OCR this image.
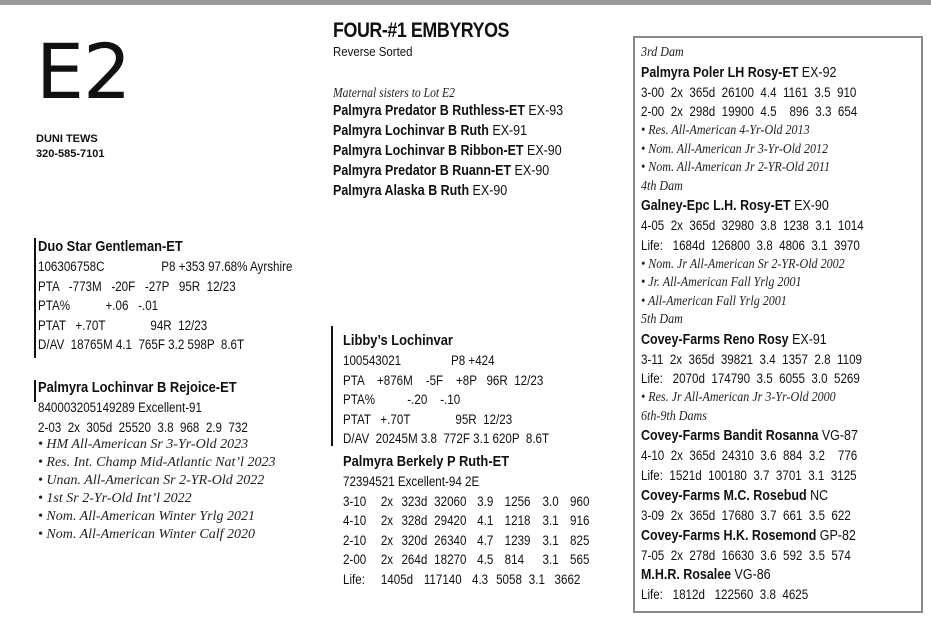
E2
DUNI TEWS
320-585-7101
FOUR-#1 EMBYRYOS
Reverse Sorted
Maternal sisters to Lot E2
Palmyra Predator B Ruthless-ET EX-93
Palmyra Lochinvar B Ruth EX-91
Palmyra Lochinvar B Ribbon-ET EX-90
Palmyra Predator B Ruann-ET EX-90
Palmyra Alaska B Ruth EX-90
Duo Star Gentleman-ET
106306758C	P8 +353 97.68% Ayrshire
PTA   -773M   -20F   -27P   95R  12/23
PTA%           +.06   -.01
PTAT   +.70T              94R  12/23
D/AV  18765M 4.1  765F 3.2 598P  8.6T
Palmyra Lochinvar B Rejoice-ET
840003205149289 Excellent-91
2-03  2x  305d  25520  3.8  968  2.9  732
• HM All-American Sr 3-Yr-Old 2023
• Res. Int. Champ Mid-Atlantic Nat’l 2023
• Unan. All-American Sr 2-YR-Old 2022
• 1st Sr 2-Yr-Old Int’l 2022
• Nom. All-American Winter Yrlg 2021
• Nom. All-American Winter Calf 2020
Libby’s Lochinvar
100543021	P8 +424
PTA    +876M    -5F    +8P   96R  12/23
PTA%          -.20    -.10
PTAT   +.70T              95R  12/23
D/AV  20245M 3.8  772F 3.1 620P  8.6T
Palmyra Berkely P Ruth-ET
72394521 Excellent-94 2E
3-10 2x 323d 32060 3.9 1256 3.0 960
4-10 2x 328d 29420 4.1 1218 3.1 916
2-10 2x 320d 26340 4.7 1239 3.1 825
2-00 2x 264d 18270 4.5 814 3.1 565
Life: 1405d 117140 4.3 5058 3.1 3662
3rd Dam
Palmyra Poler LH Rosy-ET EX-92
3-00  2x  365d  26100  4.4  1161  3.5  910
2-00  2x  298d  19900  4.5    896  3.3  654
• Res. All-American 4-Yr-Old 2013
• Nom. All-American Jr 3-Yr-Old 2012
• Nom. All-American Jr 2-YR-Old 2011
4th Dam
Galney-Epc L.H. Rosy-ET EX-90
4-05  2x  365d  32980  3.8  1238  3.1  1014
Life:   1684d  126800  3.8  4806  3.1  3970
• Nom. Jr All-American Sr 2-YR-Old 2002
• Jr. All-American Fall Yrlg 2001
• All-American Fall Yrlg 2001
5th Dam
Covey-Farms Reno Rosy EX-91
3-11  2x  365d  39821  3.4  1357  2.8  1109
Life:   2070d  174790  3.5  6055  3.0  5269
• Res. Jr All-American Jr 3-Yr-Old 2000
6th-9th Dams
Covey-Farms Bandit Rosanna VG-87
4-10  2x  365d  24310  3.6  884  3.2    776
Life:  1521d  100180  3.7  3701  3.1  3125
Covey-Farms M.C. Rosebud NC
3-09  2x  365d  17680  3.7  661  3.5  622
Covey-Farms H.K. Rosemond GP-82
7-05  2x  278d  16630  3.6  592  3.5  574
M.H.R. Rosalee VG-86
Life:   1812d   122560  3.8  4625
